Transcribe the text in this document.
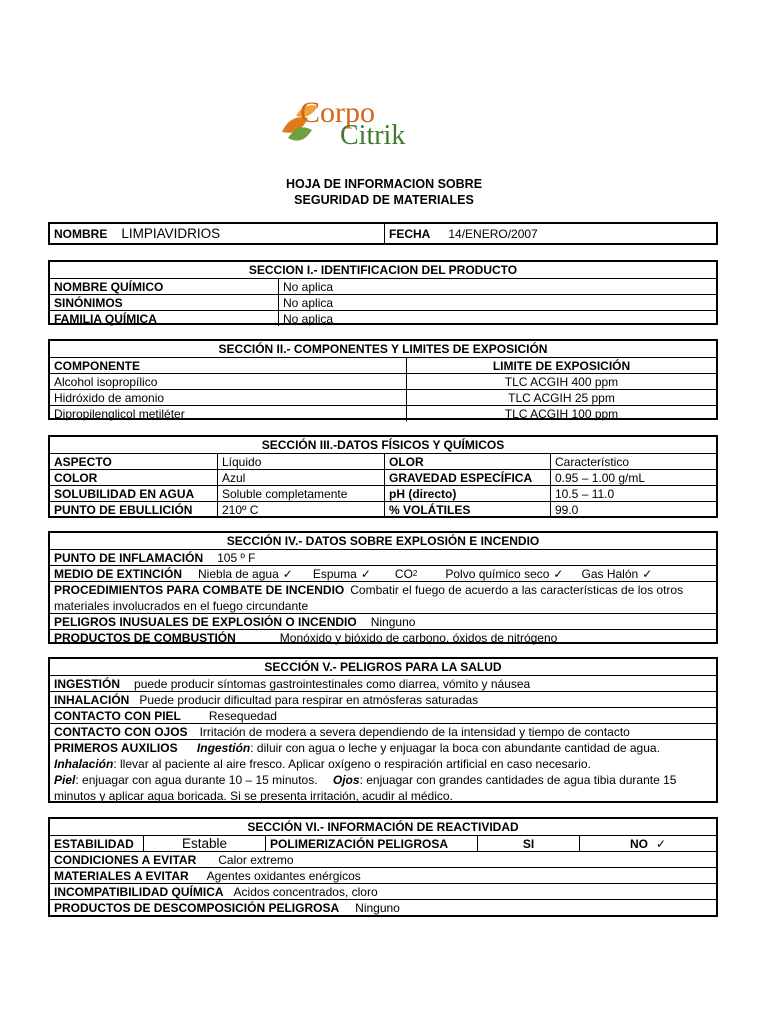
Corpo
Citrik
HOJA DE INFORMACION SOBRE
SEGURIDAD DE MATERIALES
NOMBRE LIMPIAVIDRIOS	FECHA 14/ENERO/2007
SECCION I.- IDENTIFICACION DEL PRODUCTO
NOMBRE QUÍMICO	No aplica
SINÓNIMOS	No aplica
FAMILIA QUÍMICA	No aplica
SECCIÓN II.- COMPONENTES Y LIMITES DE EXPOSICIÓN
COMPONENTE	LIMITE DE EXPOSICIÓN
Alcohol isopropílico	TLC ACGIH 400 ppm
Hidróxido de amonio	TLC ACGIH 25 ppm
Dipropilenglicol metiléter	TLC ACGIH 100 ppm
SECCIÓN III.-DATOS FÍSICOS Y QUÍMICOS
ASPECTO	Líquido	OLOR	Característico
COLOR	Azul	GRAVEDAD ESPECÍFICA	0.95 – 1.00 g/mL
SOLUBILIDAD EN AGUA	Soluble completamente	pH (directo)	10.5 – 11.0
PUNTO DE EBULLICIÓN	210º C	% VOLÁTILES	99.0
SECCIÓN IV.- DATOS SOBRE EXPLOSIÓN E INCENDIO
PUNTO DE INFLAMACIÓN 105 º F
MEDIO DE EXTINCIÓN Niebla de agua ✓ Espuma ✓ CO 2 Polvo químico seco ✓ Gas Halón ✓
PROCEDIMIENTOS PARA COMBATE DE INCENDIO Combatir el fuego de acuerdo a las características de los otros materiales involucrados en el fuego circundante
PELIGROS INUSUALES DE EXPLOSIÓN O INCENDIO Ninguno
PRODUCTOS DE COMBUSTIÓN	Monóxido y bióxido de carbono, óxidos de nitrógeno
SECCIÓN V.- PELIGROS PARA LA SALUD
INGESTIÓN puede producir síntomas gastrointestinales como diarrea, vómito y náusea
INHALACIÓN Puede producir dificultad para respirar en atmósferas saturadas
CONTACTO CON PIEL Resequedad
CONTACTO CON OJOS Irritación de modera a severa dependiendo de la intensidad y tiempo de contacto
PRIMEROS AUXILIOS Ingestión: diluir con agua o leche y enjuagar la boca con abundante cantidad de agua.
Inhalación: llevar al paciente al aire fresco. Aplicar oxígeno o respiración artificial en caso necesario.
Piel: enjuagar con agua durante 10 – 15 minutos. Ojos: enjuagar con grandes cantidades de agua tibia durante 15 minutos y aplicar agua boricada. Si se presenta irritación, acudir al médico.
SECCIÓN VI.- INFORMACIÓN DE REACTIVIDAD
ESTABILIDAD	Estable	POLIMERIZACIÓN PELIGROSA	SI	NO ✓
CONDICIONES A EVITAR Calor extremo
MATERIALES A EVITAR Agentes oxidantes enérgicos
INCOMPATIBILIDAD QUÍMICA Acidos concentrados, cloro
PRODUCTOS DE DESCOMPOSICIÓN PELIGROSA Ninguno
